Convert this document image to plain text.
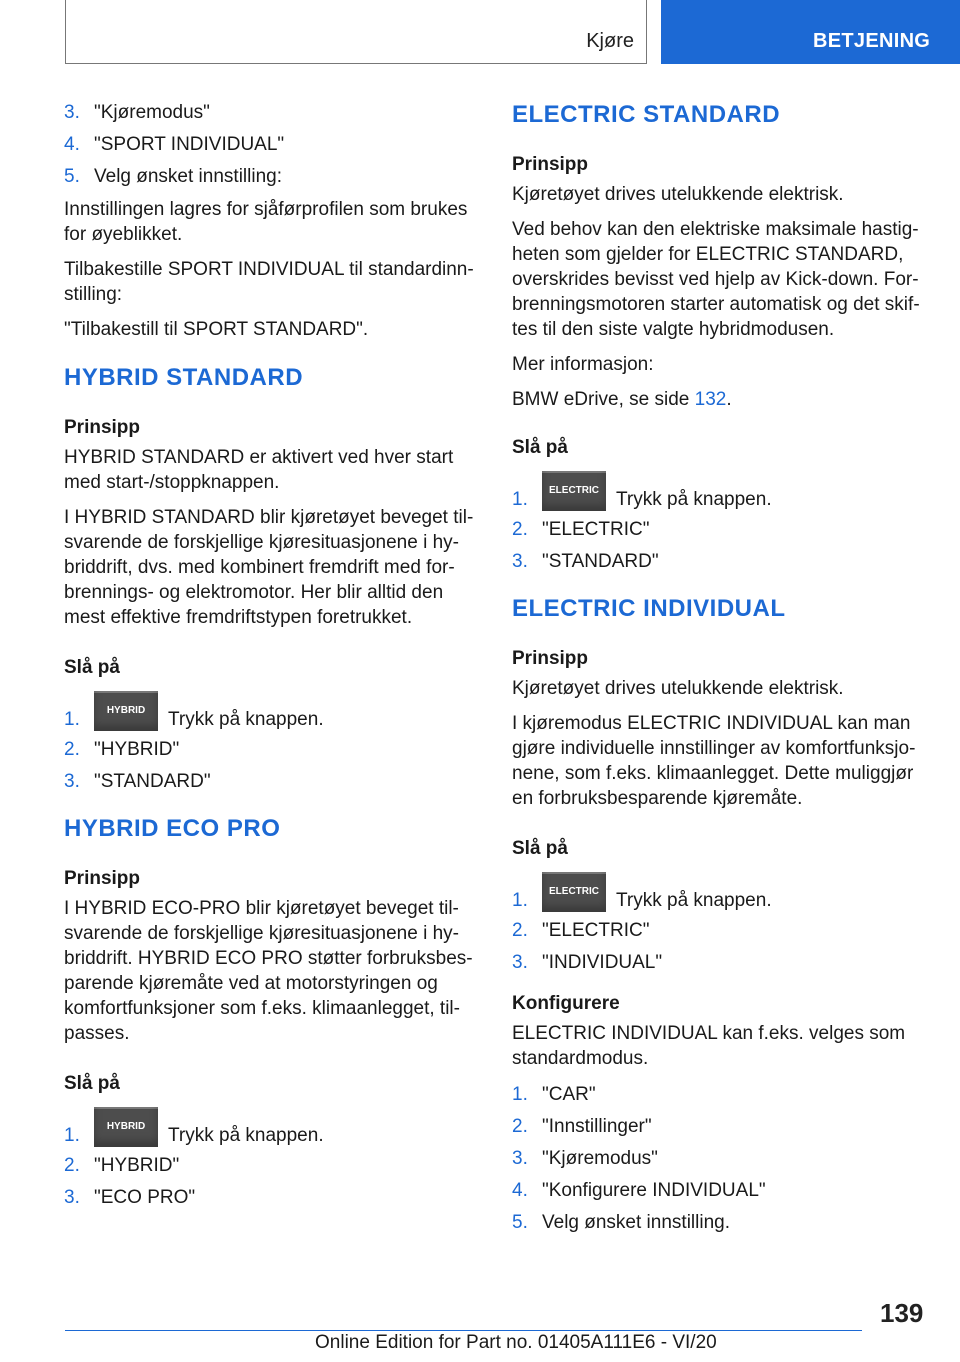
Kjøre	BETJENING
3. "Kjøremodus"
4. "SPORT INDIVIDUAL"
5. Velg ønsket innstilling:

Innstillingen lagres for sjåførprofilen som brukes for øyeblikket.

Tilbakestille SPORT INDIVIDUAL til standardinnstilling:

"Tilbakestill til SPORT STANDARD".

HYBRID STANDARD
Prinsipp

HYBRID STANDARD er aktivert ved hver start med start-/stoppknappen.

I HYBRID STANDARD blir kjøretøyet beveget tilsvarende de forskjellige kjøresituasjonene i hybriddrift, dvs. med kombinert fremdrift med forbrennings- og elektromotor. Her blir alltid den mest effektive fremdriftstypen foretrukket.

Slå på
1.	HYBRID Trykk på knappen.
2. "HYBRID"
3. "STANDARD"
HYBRID ECO PRO
Prinsipp

I HYBRID ECO-PRO blir kjøretøyet beveget tilsvarende de forskjellige kjøresituasjonene i hybriddrift. HYBRID ECO PRO støtter forbruksbesparende kjøremåte ved at motorstyringen og komfortfunksjoner som f.eks. klimaanlegget, tilpasses.

Slå på
1.	HYBRID Trykk på knappen.
2. "HYBRID"
3. "ECO PRO"
ELECTRIC STANDARD
Prinsipp

Kjøretøyet drives utelukkende elektrisk.

Ved behov kan den elektriske maksimale hastigheten som gjelder for ELECTRIC STANDARD, overskrides bevisst ved hjelp av Kick-down. Forbrenningsmotoren starter automatisk og det skiftes til den siste valgte hybridmodusen.

Mer informasjon:

BMW eDrive, se side 132.

Slå på
1. ELECTRIC Trykk på knappen.
2. "ELECTRIC"
3. "STANDARD"
ELECTRIC INDIVIDUAL
Prinsipp

Kjøretøyet drives utelukkende elektrisk.

I kjøremodus ELECTRIC INDIVIDUAL kan man gjøre individuelle innstillinger av komfortfunksjonene, som f.eks. klimaanlegget. Dette muliggjør en forbruksbesparende kjøremåte.

Slå på
1. ELECTRIC Trykk på knappen.
2. "ELECTRIC"
3. "INDIVIDUAL"
Konfigurere

ELECTRIC INDIVIDUAL kan f.eks. velges som standardmodus.

1. "CAR"
2. "Innstillinger"
3. "Kjøremodus"
4. "Konfigurere INDIVIDUAL"
5. Velg ønsket innstilling.
139
Online Edition for Part no. 01405A111E6 - VI/20
